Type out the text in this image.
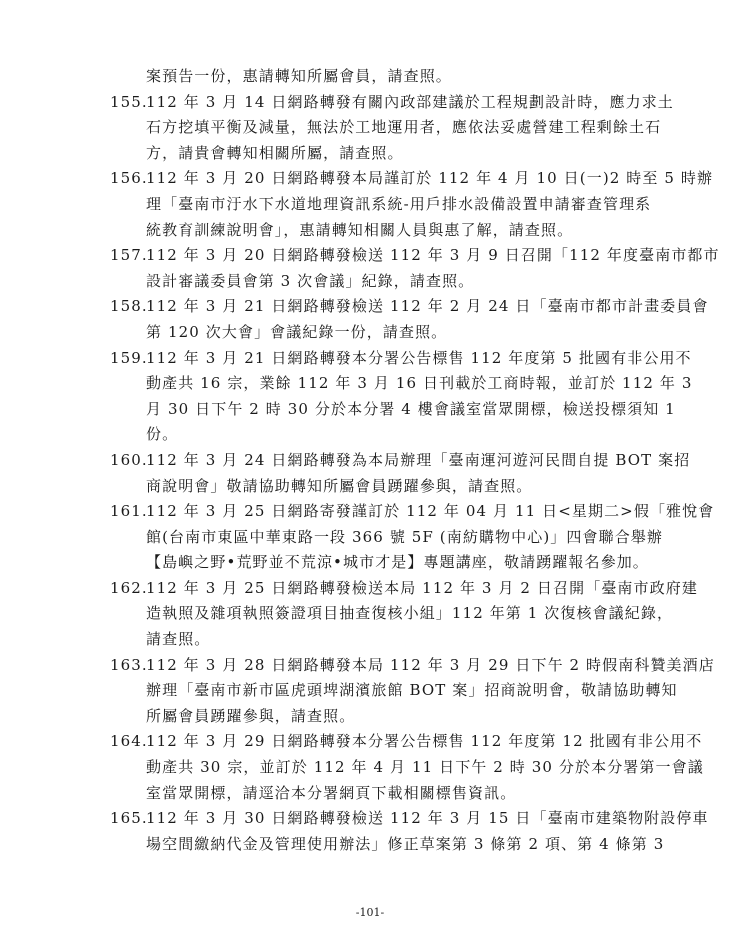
案預告一份，惠請轉知所屬會員，請查照。
155.112 年 3 月 14 日網路轉發有關內政部建議於工程規劃設計時，應力求土
石方挖填平衡及減量，無法於工地運用者，應依法妥處營建工程剩餘土石
方，請貴會轉知相關所屬，請查照。
156.112 年 3 月 20 日網路轉發本局謹訂於 112 年 4 月 10 日(一)2 時至 5 時辦
理「臺南市汙水下水道地理資訊系統-用戶排水設備設置申請審查管理系
統教育訓練說明會」，惠請轉知相關人員與惠了解，請查照。
157.112 年 3 月 20 日網路轉發檢送 112 年 3 月 9 日召開「112 年度臺南市都市
設計審議委員會第 3 次會議」紀錄，請查照。
158.112 年 3 月 21 日網路轉發檢送 112 年 2 月 24 日「臺南市都市計畫委員會
第 120 次大會」會議紀錄一份，請查照。
159.112 年 3 月 21 日網路轉發本分署公告標售 112 年度第 5 批國有非公用不
動產共 16 宗，業餘 112 年 3 月 16 日刊載於工商時報，並訂於 112 年 3
月 30 日下午 2 時 30 分於本分署 4 樓會議室當眾開標，檢送投標須知 1
份。
160.112 年 3 月 24 日網路轉發為本局辦理「臺南運河遊河民間自提 BOT 案招
商說明會」敬請協助轉知所屬會員踴躍參與，請查照。
161.112 年 3 月 25 日網路寄發謹訂於 112 年 04 月 11 日<星期二>假「雅悅會
館(台南市東區中華東路一段 366 號 5F (南紡購物中心)」四會聯合舉辦
【島嶼之野•荒野並不荒涼•城市才是】專題講座，敬請踴躍報名參加。
162.112 年 3 月 25 日網路轉發檢送本局 112 年 3 月 2 日召開「臺南市政府建
造執照及雜項執照簽證項目抽查復核小組」112 年第 1 次復核會議紀錄，
請查照。
163.112 年 3 月 28 日網路轉發本局 112 年 3 月 29 日下午 2 時假南科贊美酒店
辦理「臺南市新市區虎頭埤湖濱旅館 BOT 案」招商說明會，敬請協助轉知
所屬會員踴躍參與，請查照。
164.112 年 3 月 29 日網路轉發本分署公告標售 112 年度第 12 批國有非公用不
動產共 30 宗，並訂於 112 年 4 月 11 日下午 2 時 30 分於本分署第一會議
室當眾開標，請逕洽本分署網頁下載相關標售資訊。
165.112 年 3 月 30 日網路轉發檢送 112 年 3 月 15 日「臺南市建築物附設停車
場空間繳納代金及管理使用辦法」修正草案第 3 條第 2 項、第 4 條第 3
-101-
